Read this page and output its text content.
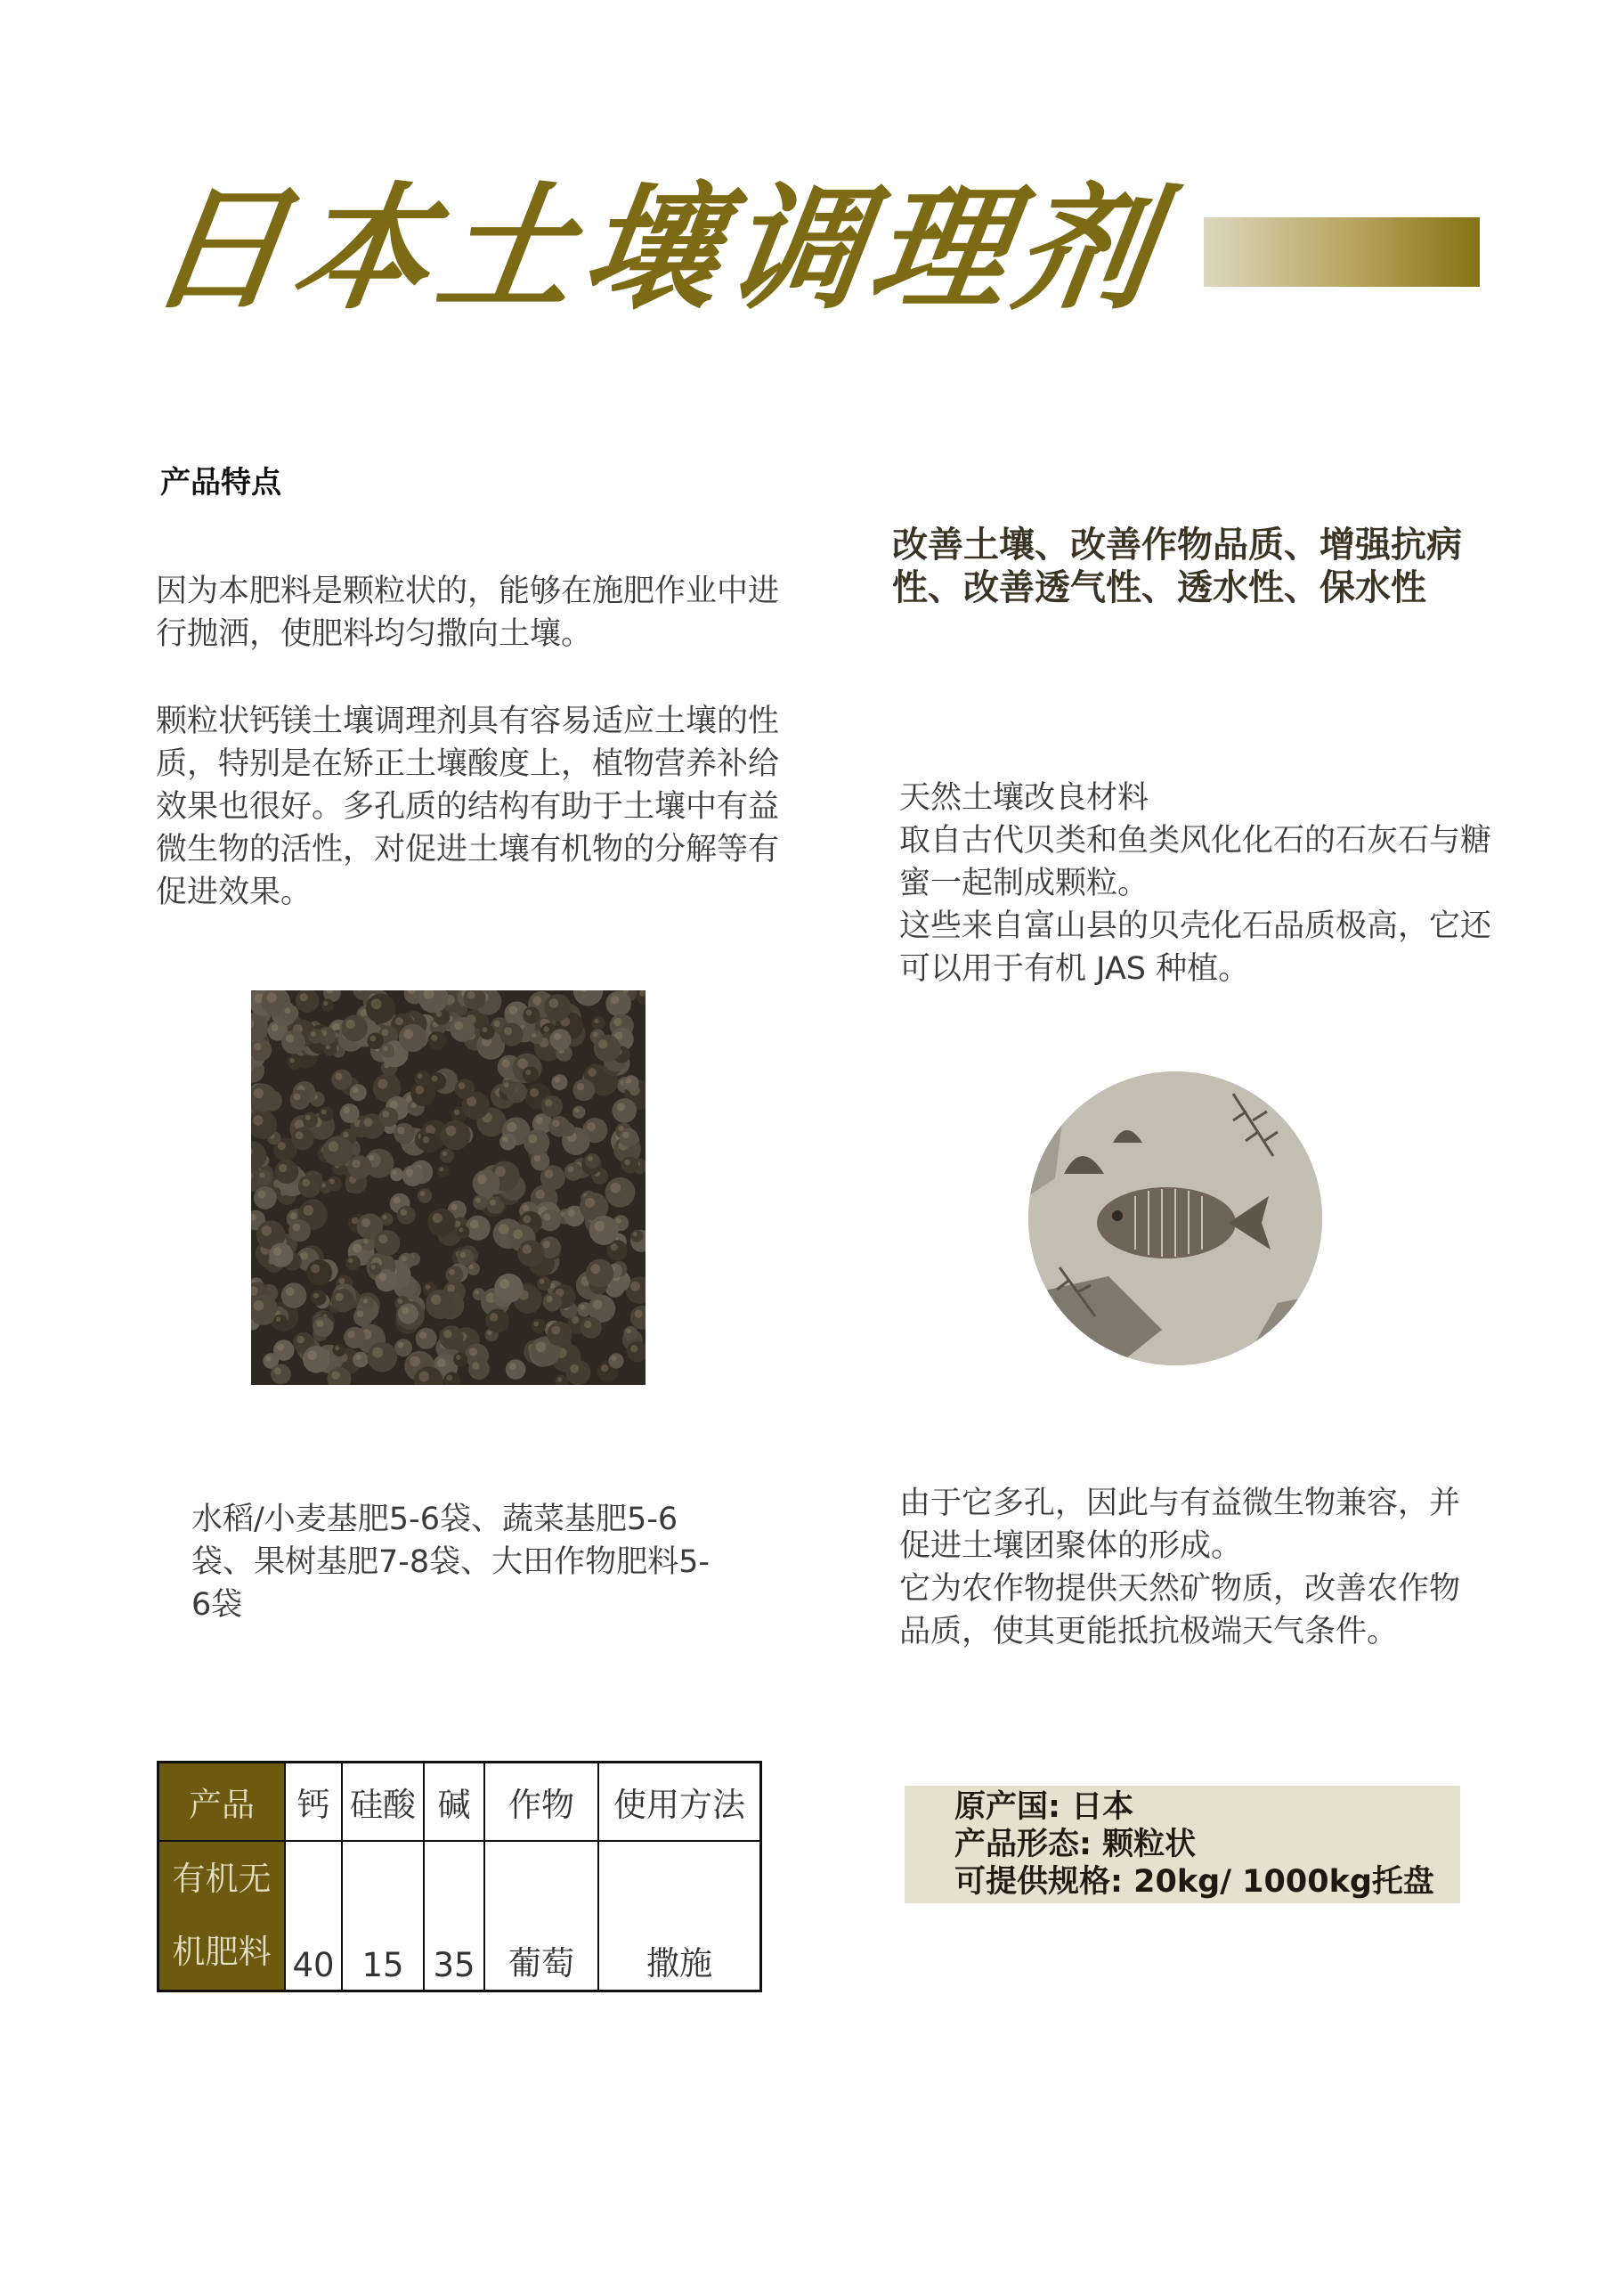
日本土壤调理剂
产品特点

因为本肥料是颗粒状的，能够在施肥作业中进行抛洒，使肥料均匀撒向土壤。

颗粒状钙镁土壤调理剂具有容易适应土壤的性质，特别是在矫正土壤酸度上，植物营养补给效果也很好。多孔质的结构有助于土壤中有益微生物的活性，对促进土壤有机物的分解等有促进效果。

改善土壤、改善作物品质、增强抗病性、改善透气性、透水性、保水性

天然土壤改良材料
取自古代贝类和鱼类风化化石的石灰石与糖蜜一起制成颗粒。
这些来自富山县的贝壳化石品质极高，它还可以用于有机 JAS 种植。

水稻/小麦基肥5-6袋、蔬菜基肥5-6袋、果树基肥7-8袋、大田作物肥料5-6袋

由于它多孔，因此与有益微生物兼容，并促进土壤团聚体的形成。
它为农作物提供天然矿物质，改善农作物品质，使其更能抵抗极端天气条件。
产品	钙	硅酸	碱	作物	使用方法

有机无
机肥料	40	15	35	葡萄	撒施
原产国: 日本
产品形态: 颗粒状
可提供规格: 20kg/ 1000kg托盘
